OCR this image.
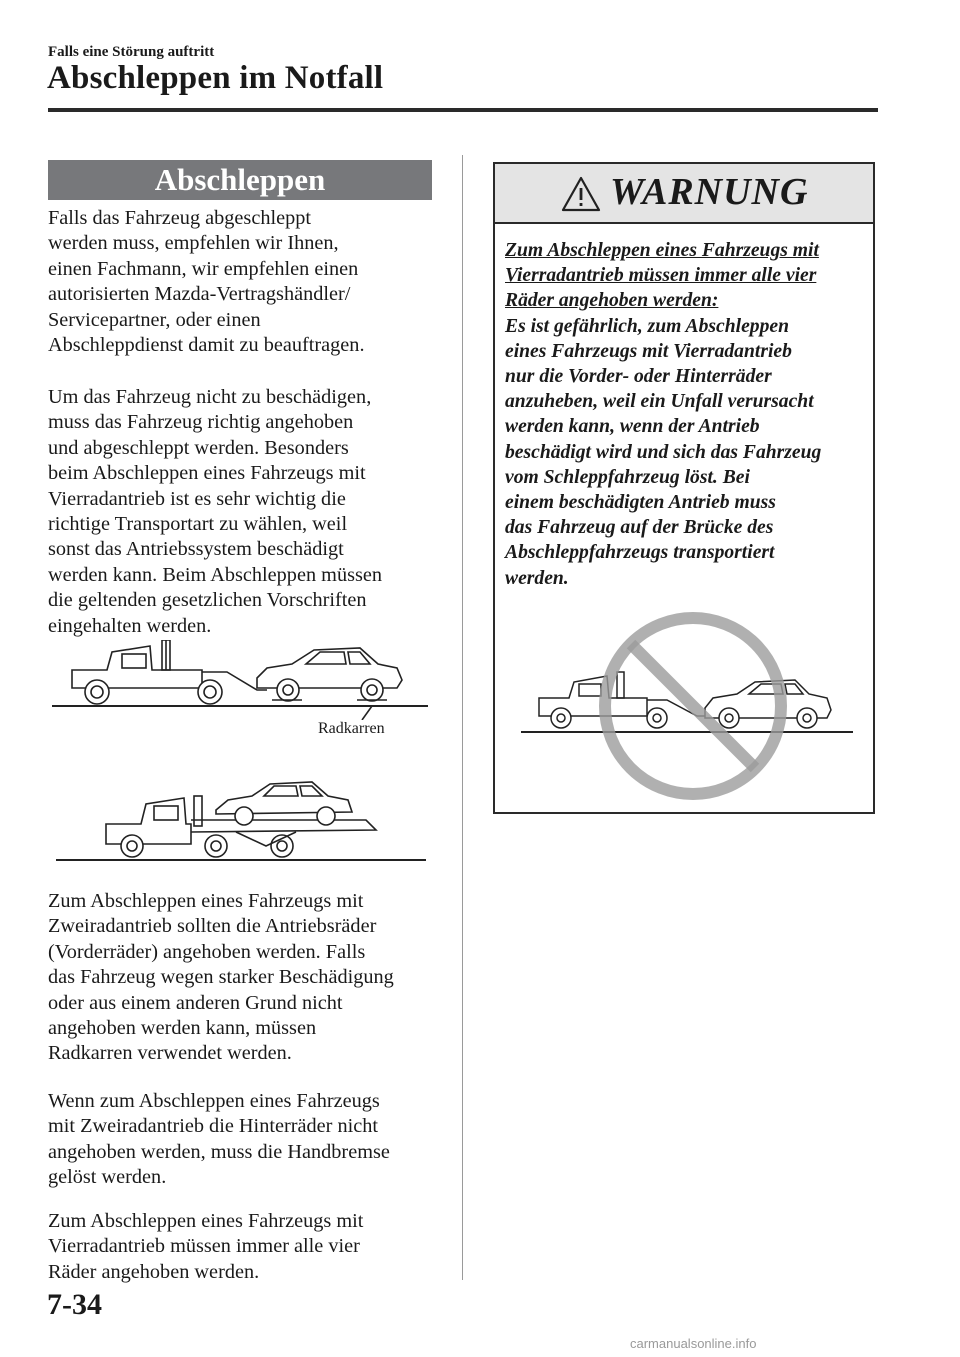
Falls eine Störung auftritt
Abschleppen im Notfall
Abschleppen
Falls das Fahrzeug abgeschleppt
werden muss, empfehlen wir Ihnen,
einen Fachmann, wir empfehlen einen
autorisierten Mazda-Vertragshändler/
Servicepartner, oder einen
Abschleppdienst damit zu beauftragen.
Um das Fahrzeug nicht zu beschädigen,
muss das Fahrzeug richtig angehoben
und abgeschleppt werden. Besonders
beim Abschleppen eines Fahrzeugs mit
Vierradantrieb ist es sehr wichtig die
richtige Transportart zu wählen, weil
sonst das Antriebssystem beschädigt
werden kann. Beim Abschleppen müssen
die geltenden gesetzlichen Vorschriften
eingehalten werden.
Radkarren
Zum Abschleppen eines Fahrzeugs mit
Zweiradantrieb sollten die Antriebsräder
(Vorderräder) angehoben werden. Falls
das Fahrzeug wegen starker Beschädigung
oder aus einem anderen Grund nicht
angehoben werden kann, müssen
Radkarren verwendet werden.
Wenn zum Abschleppen eines Fahrzeugs
mit Zweiradantrieb die Hinterräder nicht
angehoben werden, muss die Handbremse
gelöst werden.
Zum Abschleppen eines Fahrzeugs mit
Vierradantrieb müssen immer alle vier
Räder angehoben werden.
WARNUNG
Zum Abschleppen eines Fahrzeugs mit
Vierradantrieb müssen immer alle vier
Räder angehoben werden:
Es ist gefährlich, zum Abschleppen
eines Fahrzeugs mit Vierradantrieb
nur die Vorder- oder Hinterräder
anzuheben, weil ein Unfall verursacht
werden kann, wenn der Antrieb
beschädigt wird und sich das Fahrzeug
vom Schleppfahrzeug löst. Bei
einem beschädigten Antrieb muss
das Fahrzeug auf der Brücke des
Abschleppfahrzeugs transportiert
werden.
7-34
carmanualsonline.info
